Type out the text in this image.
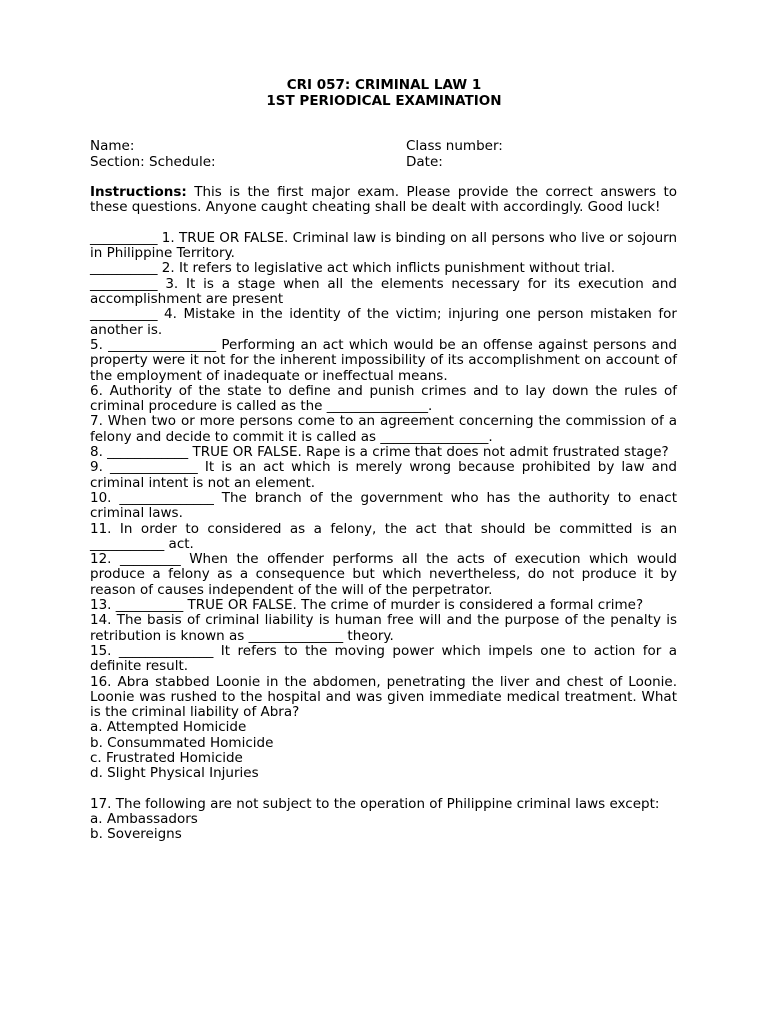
CRI 057: CRIMINAL LAW 1
1ST PERIODICAL EXAMINATION
Name:	Class number:
Section: Schedule:	Date:

Instructions: This is the first major exam. Please provide the correct answers to these questions. Anyone caught cheating shall be dealt with accordingly. Good luck!

__________ 1. TRUE OR FALSE. Criminal law is binding on all persons who live or sojourn in Philippine Territory.

__________ 2. It refers to legislative act which inflicts punishment without trial.

__________ 3. It is a stage when all the elements necessary for its execution and accomplishment are present

__________ 4. Mistake in the identity of the victim; injuring one person mistaken for another is.

5. ________________ Performing an act which would be an offense against persons and property were it not for the inherent impossibility of its accomplishment on account of the employment of inadequate or ineffectual means.

6. Authority of the state to define and punish crimes and to lay down the rules of criminal procedure is called as the _______________.

7. When two or more persons come to an agreement concerning the commission of a felony and decide to commit it is called as ________________.

8. ____________ TRUE OR FALSE. Rape is a crime that does not admit frustrated stage?

9. _____________ It is an act which is merely wrong because prohibited by law and criminal intent is not an element.

10. ______________ The branch of the government who has the authority to enact criminal laws.

11. In order to considered as a felony, the act that should be committed is an ___________ act.

12. _________ When the offender performs all the acts of execution which would produce a felony as a consequence but which nevertheless, do not produce it by reason of causes independent of the will of the perpetrator.

13. __________ TRUE OR FALSE. The crime of murder is considered a formal crime?

14. The basis of criminal liability is human free will and the purpose of the penalty is retribution is known as ______________ theory.

15. ______________ It refers to the moving power which impels one to action for a definite result.

16. Abra stabbed Loonie in the abdomen, penetrating the liver and chest of Loonie. Loonie was rushed to the hospital and was given immediate medical treatment. What is the criminal liability of Abra?

a. Attempted Homicide

b. Consummated Homicide

c. Frustrated Homicide

d. Slight Physical Injuries

17. The following are not subject to the operation of Philippine criminal laws except:

a. Ambassadors

b. Sovereigns
